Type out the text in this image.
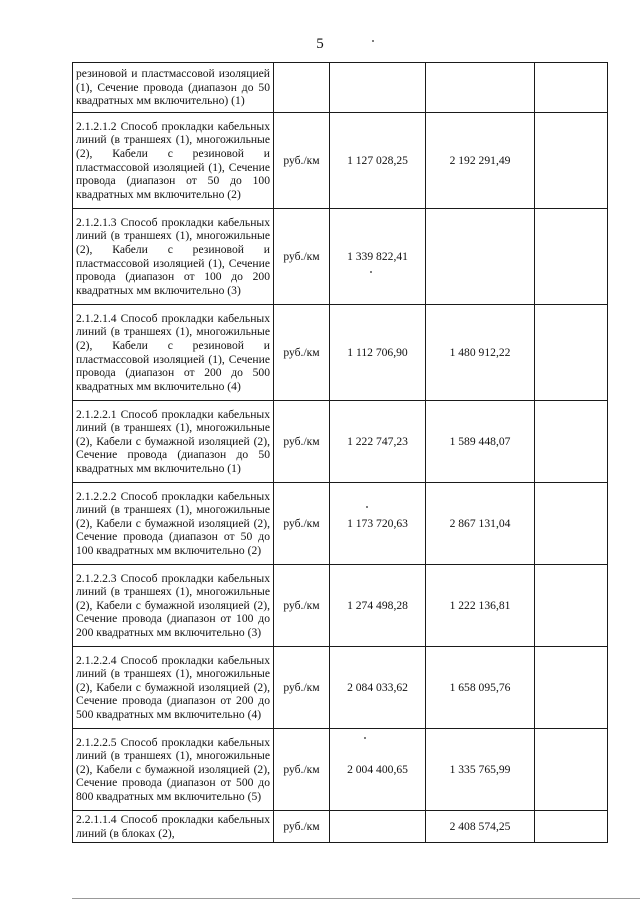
5
резиновой и пластмассовой изоляцией (1), Сечение провода (диапазон до 50 квадратных мм включительно) (1)				
2.1.2.1.2 Способ прокладки кабельных линий (в траншеях (1), многожильные (2), Кабели с резиновой и пластмассовой изоляцией (1), Сечение провода (диапазон от 50 до 100 квадратных мм включительно (2)	руб./км	1 127 028,25	2 192 291,49	
2.1.2.1.3 Способ прокладки кабельных линий (в траншеях (1), многожильные (2), Кабели с резиновой и пластмассовой изоляцией (1), Сечение провода (диапазон от 100 до 200 квадратных мм включительно (3)	руб./км	1 339 822,41		
2.1.2.1.4 Способ прокладки кабельных линий (в траншеях (1), многожильные (2), Кабели с резиновой и пластмассовой изоляцией (1), Сечение провода (диапазон от 200 до 500 квадратных мм включительно (4)	руб./км	1 112 706,90	1 480 912,22	
2.1.2.2.1 Способ прокладки кабельных линий (в траншеях (1), многожильные (2), Кабели с бумажной изоляцией (2), Сечение провода (диапазон до 50 квадратных мм включительно (1)	руб./км	1 222 747,23	1 589 448,07	
2.1.2.2.2 Способ прокладки кабельных линий (в траншеях (1), многожильные (2), Кабели с бумажной изоляцией (2), Сечение провода (диапазон от 50 до 100 квадратных мм включительно (2)	руб./км	1 173 720,63	2 867 131,04	
2.1.2.2.3 Способ прокладки кабельных линий (в траншеях (1), многожильные (2), Кабели с бумажной изоляцией (2), Сечение провода (диапазон от 100 до 200 квадратных мм включительно (3)	руб./км	1 274 498,28	1 222 136,81	
2.1.2.2.4 Способ прокладки кабельных линий (в траншеях (1), многожильные (2), Кабели с бумажной изоляцией (2), Сечение провода (диапазон от 200 до 500 квадратных мм включительно (4)	руб./км	2 084 033,62	1 658 095,76	
2.1.2.2.5 Способ прокладки кабельных линий (в траншеях (1), многожильные (2), Кабели с бумажной изоляцией (2), Сечение провода (диапазон от 500 до 800 квадратных мм включительно (5)	руб./км	2 004 400,65	1 335 765,99	
2.2.1.1.4 Способ прокладки кабельных линий (в блоках (2),	руб./км		2 408 574,25	
